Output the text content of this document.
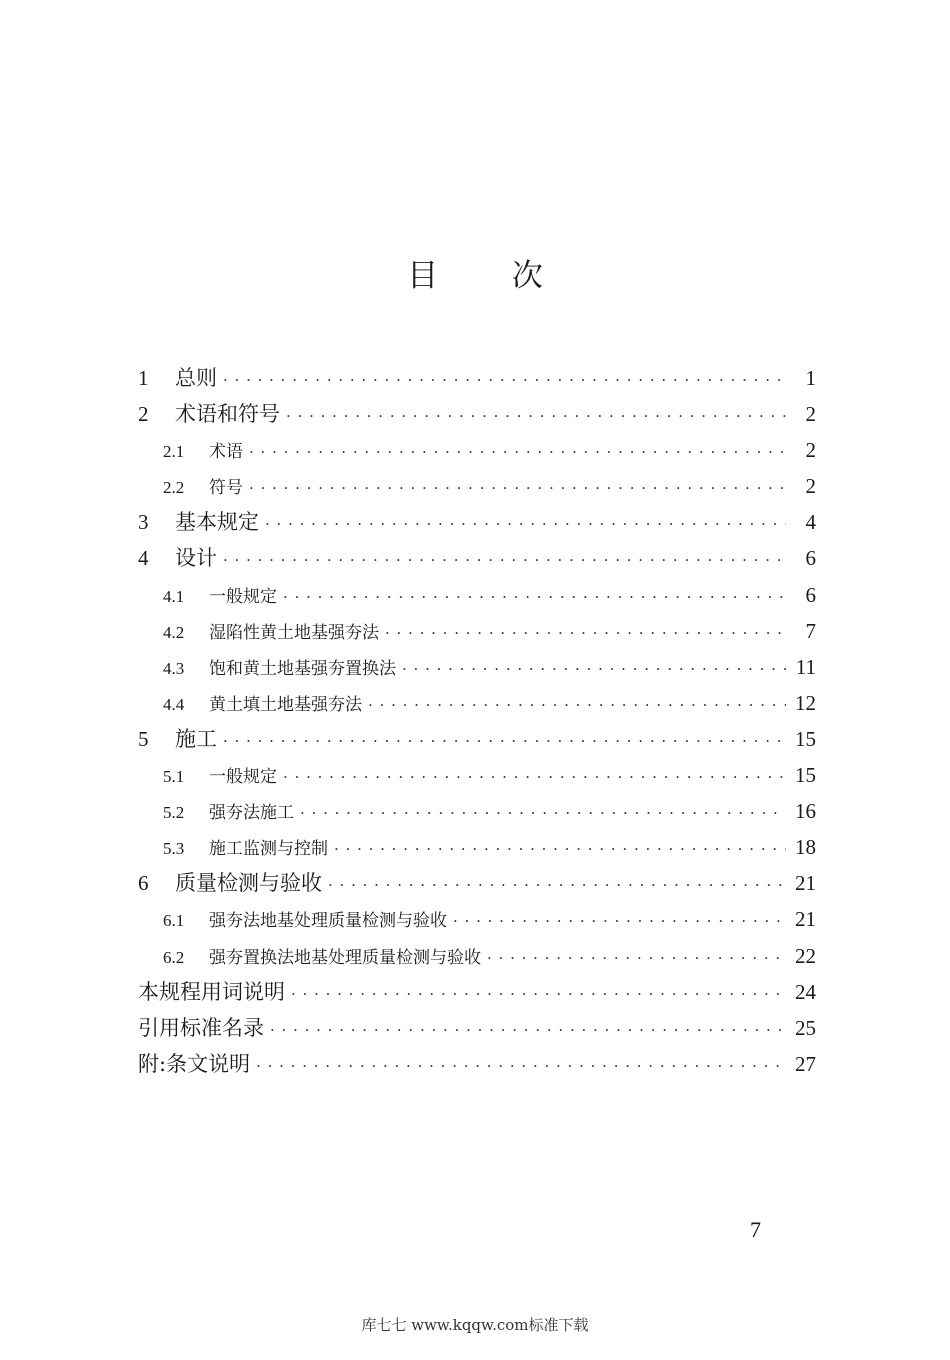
目 次
1	总则 · · ·	1
2	术语和符号 · · ·	2
2.1	术语 · · ·	2
2.2	符号 · · ·	2
3	基本规定 · · ·	4
4	设计 · · ·	6
4.1	一般规定 · · ·	6
4.2	湿陷性黄土地基强夯法 · · ·	7
4.3	饱和黄土地基强夯置换法 · · ·	11
4.4	黄土填土地基强夯法 · · ·	12
5	施工 · · ·	15
5.1	一般规定 · · ·	15
5.2	强夯法施工 · · ·	16
5.3	施工监测与控制 · · ·	18
6	质量检测与验收 · · ·	21
6.1	强夯法地基处理质量检测与验收 · · ·	21
6.2	强夯置换法地基处理质量检测与验收 · · ·	22
本规程用词说明 · · ·	24
引用标准名录 · · ·	25
附:条文说明 · · ·	27
7
库七七 www.kqqw.com标准下载
